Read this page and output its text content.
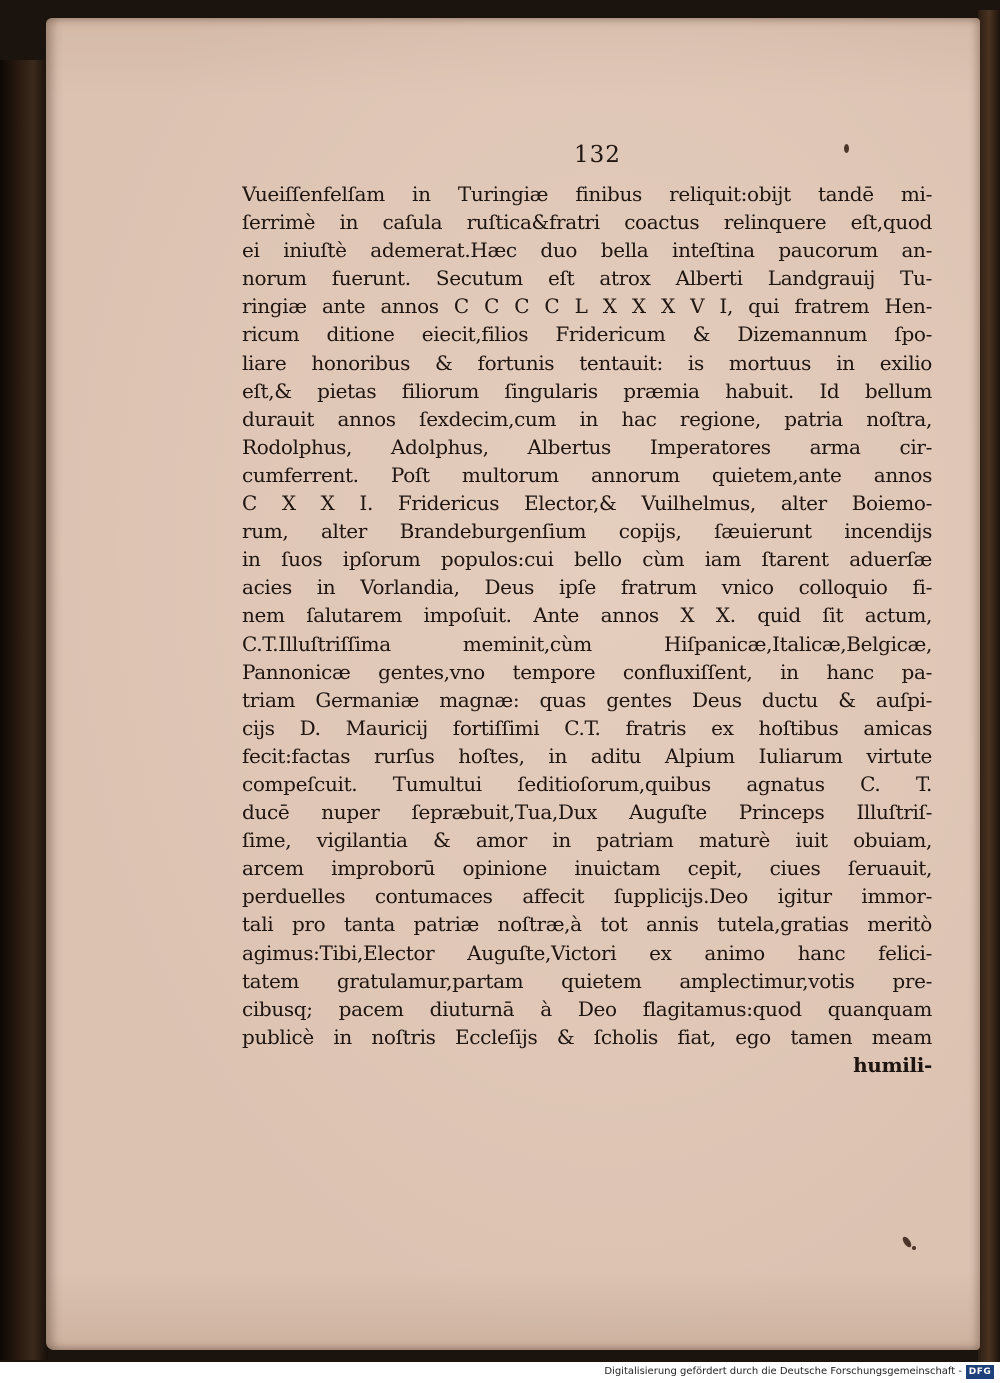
132
Vueiſſenfelſam in Turingiæ finibus reliquit:obijt tandē mi-
ſerrimè in caſula ruſtica&fratri coactus relinquere eſt,quod
ei iniuſtè ademerat.Hæc duo bella inteſtina paucorum an-
norum fuerunt. Secutum eſt atrox Alberti Landgrauij Tu-
ringiæ ante annos C C C C L X X X V I, qui fratrem Hen-
ricum ditione eiecit,filios Fridericum & Dizemannum ſpo-
liare honoribus & fortunis tentauit: is mortuus in exilio
eſt,& pietas filiorum ſingularis præmia habuit. Id bellum
durauit annos ſexdecim,cum in hac regione, patria noſtra,
Rodolphus, Adolphus, Albertus Imperatores arma cir-
cumferrent. Poſt multorum annorum quietem,ante annos
C X X I. Fridericus Elector,& Vuilhelmus, alter Boiemo-
rum, alter Brandeburgenſium copijs, ſæuierunt incendijs
in ſuos ipſorum populos:cui bello cùm iam ſtarent aduerſæ
acies in Vorlandia, Deus ipſe fratrum vnico colloquio fi-
nem ſalutarem impoſuit. Ante annos X X. quid ſit actum,
C.T.Illuſtriſſima meminit,cùm Hiſpanicæ,Italicæ,Belgicæ,
Pannonicæ gentes,vno tempore confluxiſſent, in hanc pa-
triam Germaniæ magnæ: quas gentes Deus ductu & auſpi-
cijs D. Mauricij fortiſſimi C.T. fratris ex hoſtibus amicas
fecit:factas rurſus hoſtes, in aditu Alpium Iuliarum virtute
compeſcuit. Tumultui ſeditioſorum,quibus agnatus C. T.
ducē nuper ſepræbuit,Tua,Dux Auguſte Princeps Illuſtriſ-
ſime, vigilantia & amor in patriam maturè iuit obuiam,
arcem improborū opinione inuictam cepit, ciues ſeruauit,
perduelles contumaces affecit ſupplicijs.Deo igitur immor-
tali pro tanta patriæ noſtræ,à tot annis tutela,gratias meritò
agimus:Tibi,Elector Auguſte,Victori ex animo hanc felici-
tatem gratulamur,partam quietem amplectimur,votis pre-
cibusq; pacem diuturnā à Deo flagitamus:quod quanquam
publicè in noſtris Eccleſijs & ſcholis fiat, ego tamen meam
humili-
Digitalisierung gefördert durch die Deutsche Forschungsgemeinschaft - DFG
